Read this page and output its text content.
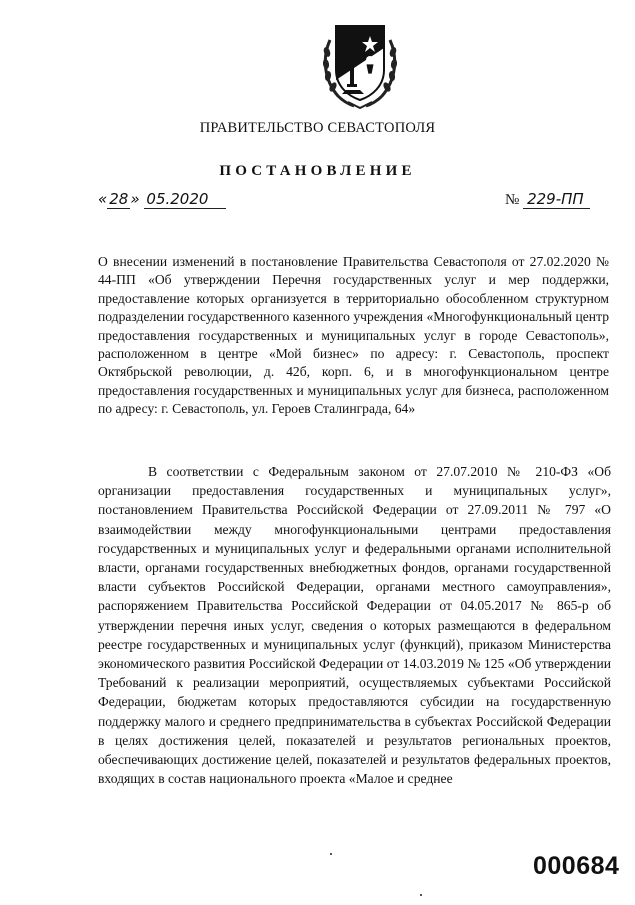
ПРАВИТЕЛЬСТВО СЕВАСТОПОЛЯ
ПОСТАНОВЛЕНИЕ
« 28 » 05.2020	№ 229-ПП
О внесении изменений в постановление Правительства Севастополя от 27.02.2020 № 44-ПП «Об утверждении Перечня государственных услуг и мер поддержки, предоставление которых организуется в территориально обособленном структурном подразделении государственного казенного учреждения «Многофункциональный центр предоставления государственных и муниципальных услуг в городе Севастополь», расположенном в центре «Мой бизнес» по адресу: г. Севастополь, проспект Октябрьской революции, д. 42б, корп. 6, и в многофункциональном центре предоставления государственных и муниципальных услуг для бизнеса, расположенном по адресу: г. Севастополь, ул. Героев Сталинграда, 64»
В соответствии с Федеральным законом от 27.07.2010 № 210-ФЗ «Об организации предоставления государственных и муниципальных услуг», постановлением Правительства Российской Федерации от 27.09.2011 № 797 «О взаимодействии между многофункциональными центрами предоставления государственных и муниципальных услуг и федеральными органами исполнительной власти, органами государственных внебюджетных фондов, органами государственной власти субъектов Российской Федерации, органами местного самоуправления», распоряжением Правительства Российской Федерации от 04.05.2017 № 865-р об утверждении перечня иных услуг, сведения о которых размещаются в федеральном реестре государственных и муниципальных услуг (функций), приказом Министерства экономического развития Российской Федерации от 14.03.2019 № 125 «Об утверждении Требований к реализации мероприятий, осуществляемых субъектами Российской Федерации, бюджетам которых предоставляются субсидии на государственную поддержку малого и среднего предпринимательства в субъектах Российской Федерации в целях достижения целей, показателей и результатов региональных проектов, обеспечивающих достижение целей, показателей и результатов федеральных проектов, входящих в состав национального проекта «Малое и среднее
000684
